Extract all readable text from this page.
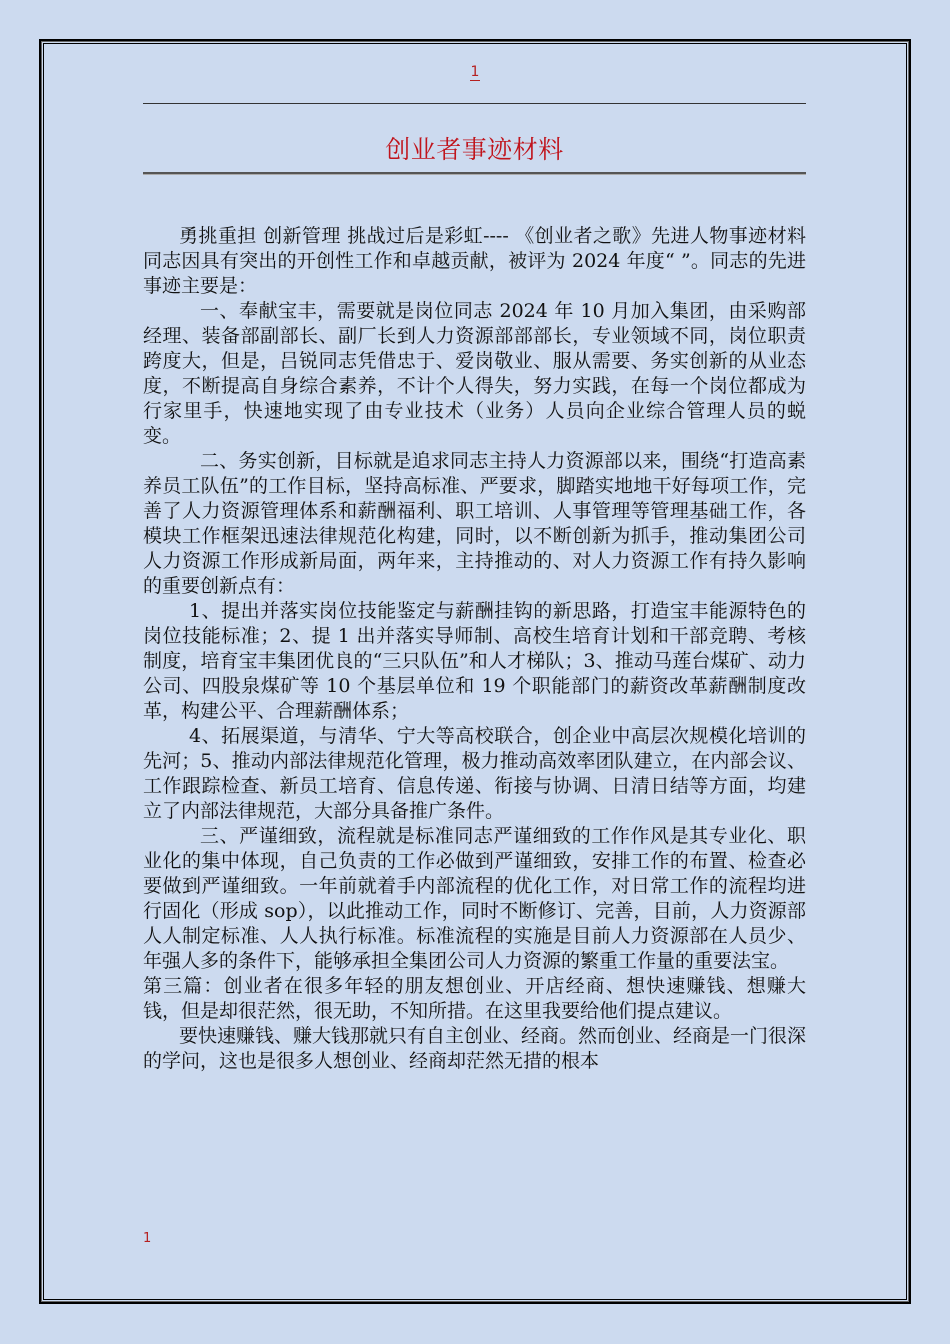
1
创业者事迹材料

勇挑重担 创新管理 挑战过后是彩虹---- 《创业者之歌》先进人物事迹材料同志因具有突出的开创性工作和卓越贡献，被评为 2024 年度“ ”。同志的先进事迹主要是：

一、奉献宝丰，需要就是岗位同志 2024 年 10 月加入集团，由采购部经理、装备部副部长、副厂长到人力资源部部部长，专业领域不同，岗位职责跨度大，但是，吕锐同志凭借忠于、爱岗敬业、服从需要、务实创新的从业态度，不断提高自身综合素养，不计个人得失，努力实践，在每一个岗位都成为行家里手，快速地实现了由专业技术（业务）人员向企业综合管理人员的蜕变。

二、务实创新，目标就是追求同志主持人力资源部以来，围绕“打造高素养员工队伍”的工作目标，坚持高标准、严要求，脚踏实地地干好每项工作，完善了人力资源管理体系和薪酬福利、职工培训、人事管理等管理基础工作，各模块工作框架迅速法律规范化构建，同时，以不断创新为抓手，推动集团公司人力资源工作形成新局面，两年来，主持推动的、对人力资源工作有持久影响的重要创新点有：

1、提出并落实岗位技能鉴定与薪酬挂钩的新思路，打造宝丰能源特色的岗位技能标准；2、提 1 出并落实导师制、高校生培育计划和干部竞聘、考核制度，培育宝丰集团优良的“三只队伍”和人才梯队；3、推动马莲台煤矿、动力公司、四股泉煤矿等 10 个基层单位和 19 个职能部门的薪资改革薪酬制度改革，构建公平、合理薪酬体系；

4、拓展渠道，与清华、宁大等高校联合，创企业中高层次规模化培训的先河；5、推动内部法律规范化管理，极力推动高效率团队建立，在内部会议、工作跟踪检查、新员工培育、信息传递、衔接与协调、日清日结等方面，均建立了内部法律规范，大部分具备推广条件。

三、严谨细致，流程就是标准同志严谨细致的工作作风是其专业化、职业化的集中体现，自己负责的工作必做到严谨细致，安排工作的布置、检查必要做到严谨细致。一年前就着手内部流程的优化工作，对日常工作的流程均进行固化（形成 sop），以此推动工作，同时不断修订、完善，目前，人力资源部人人制定标准、人人执行标准。标准流程的实施是目前人力资源部在人员少、年强人多的条件下，能够承担全集团公司人力资源的繁重工作量的重要法宝。

第三篇：创业者在很多年轻的朋友想创业、开店经商、想快速赚钱、想赚大钱，但是却很茫然，很无助，不知所措。在这里我要给他们提点建议。

要快速赚钱、赚大钱那就只有自主创业、经商。然而创业、经商是一门很深的学问，这也是很多人想创业、经商却茫然无措的根本

1
